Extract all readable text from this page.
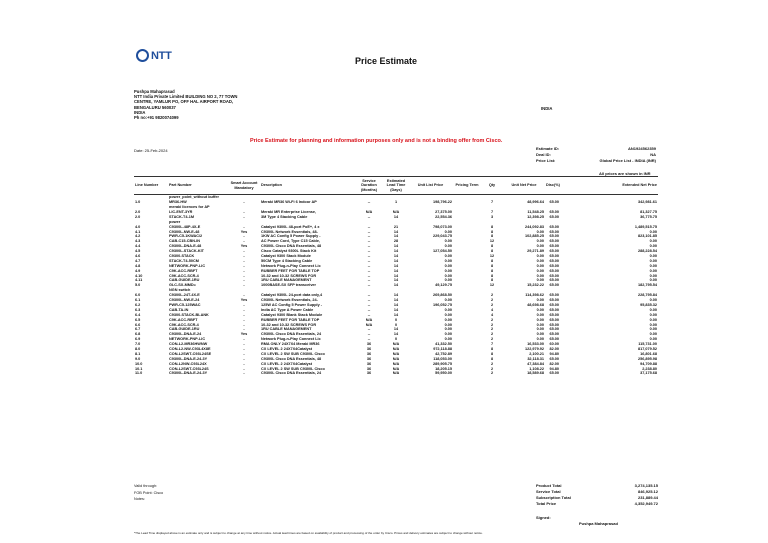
NTT	Price Estimate
Pushpa Mahaprasad
NTT India Private Limited BUILDING NO 2, 77 TOWN
CENTRE, YAMLUR PO, OFF HAL AIRPORT ROAD,
BENGALURU 560037
INDIA
Ph no:+91 9820074099
INDIA
Price Estimate for planning and information purposes only and is not a binding offer from Cisco.
Date: 25-Feb-2024	Estimate ID:	AN1924562359
Deal ID:	NA
Price List:	Global Price List - INDIA (INR)
All prices are shown in INR
Line Number	Part Number	Smart Account Mandatory	Description	Service Duration (Months)	Estimated Lead Time (Days)	Unit List Price	Pricing Term	Qty	Unit Net Price	Disc(%)	Extended Net Price
	power_point_without buffer										
1.0	MR36-HW	-	Meraki MR36 Wi-Fi 6 Indoor AP	--	1	198,796.22		7	48,996.64	65.00	342,981.61
	meraki licences for AP										
2.0	LIC-ENT-3YR	-	Meraki MR Enterprise License,	N/A	N/A	27,375.00		7	11,548.25	65.00	81,327.75
2.0	STACK-T4-1M	-	3M Type 4 Stacking Cable	--	14	22,554.36		3	12,398.25	65.00	36,775.75
	power										
4.0	C9300L-48P-4X-E	-	Catalyst 9300L 48-port PoE+, 4 x	--	21	798,073.00		8	244,092.83	65.00	1,489,515.75
4.1	C9300L-NW-E-48	Yes	C9300L Network Essentials, 48-	--	14	0.00		8	0.00	65.00	0.00
4.2	PWR-C5-1KWAC/2	-	1KW AC Config 5 Power Supply -	--	14	229,043.75		8	102,885.25	65.00	823,101.85
4.3	CAB-C15-CBN-IN	-	AC Power Cord, Type C15 Cable,	--	28	0.00		12	0.00	65.00	0.00
4.4	C9300L-DNA-E-48	Yes	C9300L Cisco DNA Essentials, 48	--	14	0.00		8	0.00	65.00	0.00
4.5	C9300L-STACK-KIT	-	Cisco Catalyst 9300L Stack Kit	--	14	127,054.50		8	29,271.89	65.00	288,228.54
4.6	C9300-STACK	-	Catalyst 9300 Stack Module	--	14	0.00		12	0.00	65.00	0.00
4.7	STACK-T4-50CM	-	50CM Type 4 Stacking Cable	--	14	0.00		8	0.00	65.00	0.00
4.8	NETWORK-PNP-LIC	-	Network Plug-n-Play Connect Lic	--	14	0.00		8	0.00	65.00	0.00
4.9	C9K-ACC-RBFT	-	RUBBER FEET FOR TABLE TOP	--	14	0.00		8	0.00	65.00	0.00
4.10	C9K-ACC-SCR-4	-	10-32 and 10-32 SCREWS FOR	--	14	0.00		8	0.00	65.00	0.00
4.11	CAB-GUIDE-1RU	-	1RU CABLE MANAGEMENT	--	14	0.00		8	0.00	65.00	0.00
5.0	GLC-SX-MMD=	-	1000BASE-SX SFP transceiver	--	14	49,129.75		12	15,232.22	65.00	182,795.54
	NGN switch										
6.0	C9300L-24T-4X-E	-	Catalyst 9300L 24-port data only,4	--	14	269,868.50		2	114,398.62	65.00	228,795.84
6.1	C9300L-NW-E-24	Yes	C9300L Network Essentials, 24-	--	14	0.00		2	0.00	65.00	0.00
6.2	PWR-C5-125WAC	-	125W AC Config 5 Power Supply -	--	14	196,052.75		2	48,698.68	65.00	95,835.32
6.3	CAB-TA-IN	-	India AC Type A Power Cable	--	14	0.00		4	0.00	65.00	0.00
6.4	C9300-STACK-BLANK	-	Catalyst 9300 Blank Stack Module	--	14	0.00		4	0.00	65.00	0.00
6.5	C9K-ACC-RBFT	-	RUBBER FEET FOR TABLE TOP	N/A	0	0.00		2	0.00	65.00	0.00
6.6	C9K-ACC-SCR-4	-	10-32 and 10-32 SCREWS FOR	N/A	0	0.00		2	0.00	65.00	0.00
6.7	CAB-GUIDE-1RU	-	1RU CABLE MANAGEMENT	--	14	0.00		2	0.00	65.00	0.00
6.8	C9300L-DNA-E-24	Yes	C9300L Cisco DNA Essentials, 24	--	14	0.00		2	0.00	65.00	0.00
6.9	NETWORK-PNP-LIC	-	Network Plug-n-Play Connect Lic	--	0	0.00		2	0.00	65.00	0.00
7.0	CON-L2-MR36HWNW	-	RMA ONLY 24X7X4 Meraki MR36	36	N/A	41,332.50		7	16,533.00	60.00	115,731.00
8.0	CON-L2-NW-C93L4X8E	-	CX LEVEL 2 24X7X4Catalyst	36	N/A	972,118.88		8	122,979.92	82.00	817,079.52
8.1	CON-L2SWT-C93L24SE	-	CX LEVEL 2 SW SUB C9300L Cisco	36	N/A	42,752.89		8	2,100.21	94.80	16,801.68
9.0	C9300L-DNA-E-24-3Y	-	C9300L Cisco DNA Essentials, 48	36	N/A	118,053.00		8	32,118.31	65.00	256,895.98
10.0	CON-L2NW-C93L24X	-	CX LEVEL 2 24X7X4Catalyst	36	N/A	289,905.75		2	47,384.84	82.00	94,709.88
10.1	CON-L2SWT-C93L24S	-	CX LEVEL 2 SW SUB C9300L Cisco	36	N/A	18,205.15		2	1,108.22	94.80	2,238.80
11.0	C9300L-DNA-E-24-3Y	-	C9300L Cisco DNA Essentials, 24	36	N/A	59,950.00		2	18,589.68	65.00	37,175.68
Valid through:
FOB Point: Cisco
Notes:
Product Total	3,274,135.15
Service Total	846,925.12
Subscription Total	231,889.44
Total Price	4,352,949.72
Signed:
Pushpa Mahaprasad
*The Lead Time displayed above is an estimate only and is subject to change at any time without notice. Actual lead times are based on availability of product and processing of the order by Cisco. Prices and delivery estimates are subject to change without notice.
